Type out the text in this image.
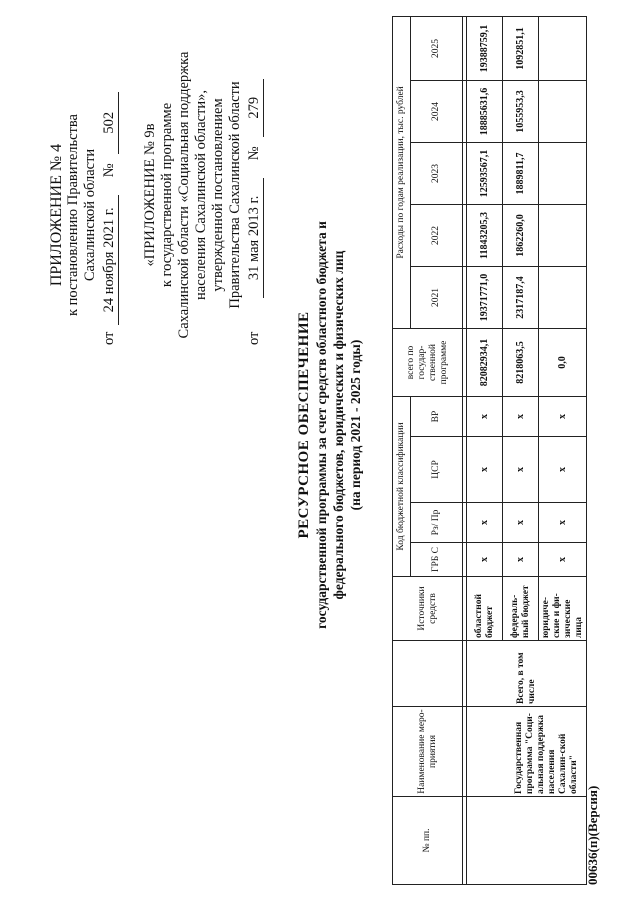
ПРИЛОЖЕНИЕ № 4 к постановлению Правительства Сахалинской области
от
24 ноября 2021 г. № 502
«ПРИЛОЖЕНИЕ № 9в к государственной программе Сахалинской области «Социальная поддержка населения Сахалинской области», утвержденной постановлением Правительства Сахалинской области
от
31 мая 2013 г. № 279
РЕСУРСНОЕ ОБЕСПЕЧЕНИЕ государственной программы за счет средств областного бюджета и федерального бюджетов, юридических и физических лиц (на период 2021 - 2025 годы)
№ пп.	Наименование меро-приятия		Источники средств	Код бюджетной классификации				всего по государ-ственной программе	Расходы по годам реализации, тыс. рублей				
				ГРБ С	Рз/ Пр	ЦСР	ВР		2021	2022	2023	2024	2025

	Государственная программа "Соци-альная поддержка населения Сахалин-ской области"	Всего, в том числе	областной бюджет	х	х	х	х	82082934,1	19371771,0	11843205,3	12593567,1	18885631,6	19388759,1
			федераль-ный бюджет	х	х	х	х	8218063,5	2317187,4	1862260,0	1889811,7	1055953,3	1092851,1
			юридиче-ские и фи-зические лица	х	х	х	х	0,0					
00636(п)(Версия)
